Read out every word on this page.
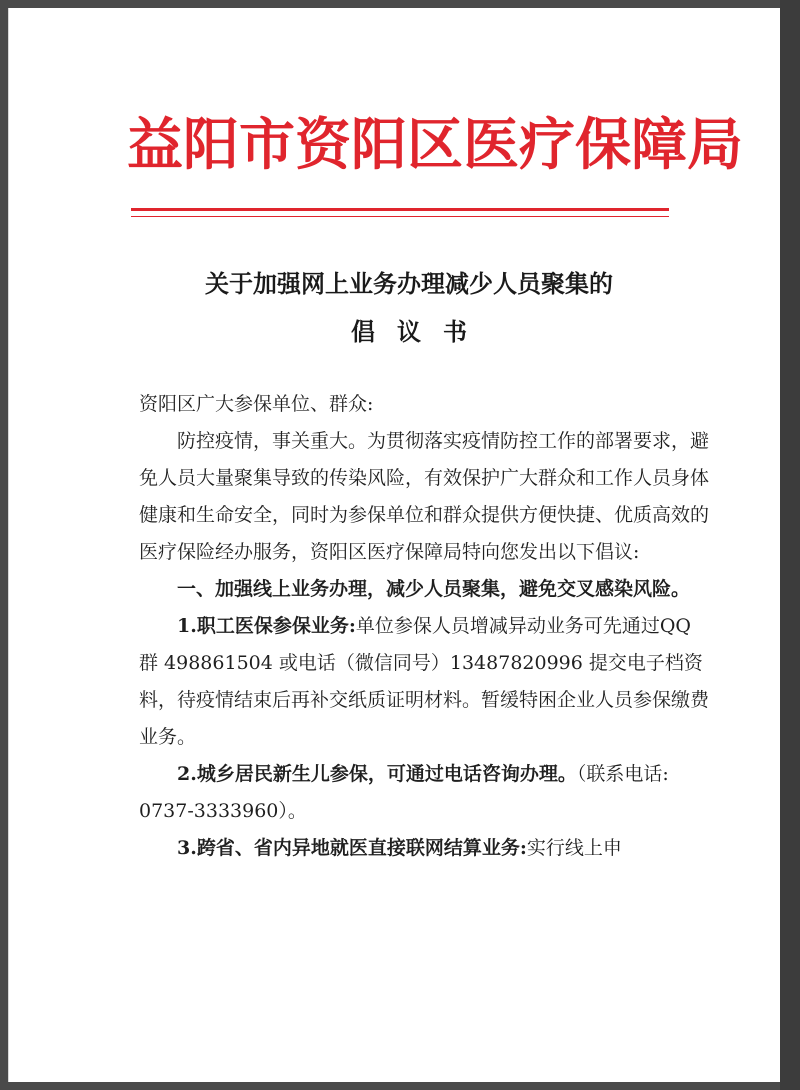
益阳市资阳区医疗保障局
关于加强网上业务办理减少人员聚集的
倡议书

资阳区广大参保单位、群众:

防控疫情，事关重大。为贯彻落实疫情防控工作的部署要求，避免人员大量聚集导致的传染风险，有效保护广大群众和工作人员身体健康和生命安全，同时为参保单位和群众提供方便快捷、优质高效的医疗保险经办服务，资阳区医疗保障局特向您发出以下倡议:

一、加强线上业务办理，减少人员聚集，避免交叉感染风险。

1.职工医保参保业务:单位参保人员增减异动业务可先通过QQ群 498861504 或电话（微信同号）13487820996 提交电子档资料，待疫情结束后再补交纸质证明材料。暂缓特困企业人员参保缴费业务。

2.城乡居民新生儿参保，可通过电话咨询办理。（联系电话: 0737-3333960）。

3.跨省、省内异地就医直接联网结算业务:实行线上申
